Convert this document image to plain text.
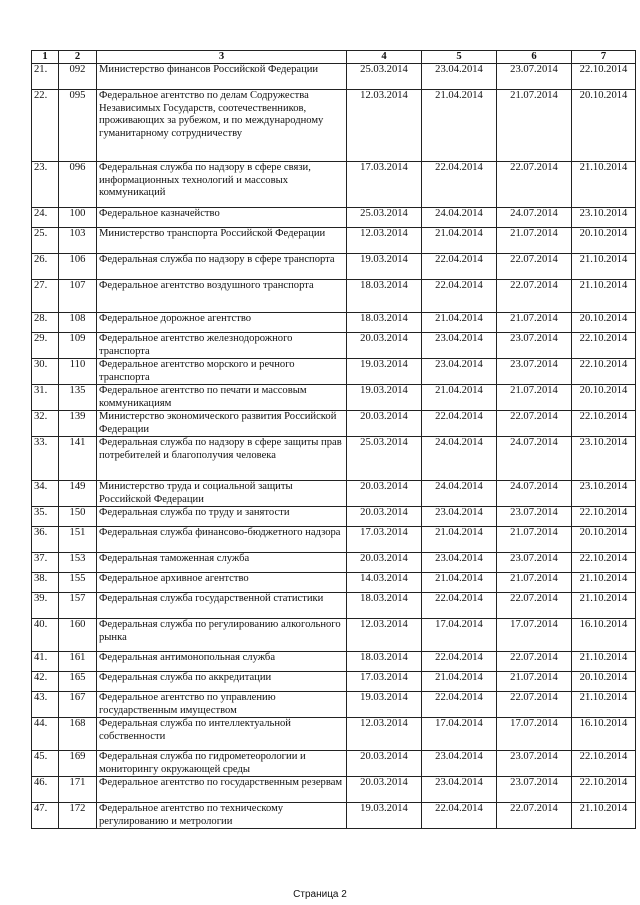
1	2	3	4	5	6	7
21.	092	Министерство финансов Российской Федерации	25.03.2014	23.04.2014	23.07.2014	22.10.2014
22.	095	Федеральное агентство по делам Содружества Независимых Государств, соотечественников, проживающих за рубежом, и по международному гуманитарному сотрудничеству	12.03.2014	21.04.2014	21.07.2014	20.10.2014
23.	096	Федеральная служба по надзору в сфере связи, информационных технологий и массовых коммуникаций	17.03.2014	22.04.2014	22.07.2014	21.10.2014
24.	100	Федеральное казначейство	25.03.2014	24.04.2014	24.07.2014	23.10.2014
25.	103	Министерство транспорта Российской Федерации	12.03.2014	21.04.2014	21.07.2014	20.10.2014
26.	106	Федеральная служба по надзору в сфере транспорта	19.03.2014	22.04.2014	22.07.2014	21.10.2014
27.	107	Федеральное агентство воздушного транспорта	18.03.2014	22.04.2014	22.07.2014	21.10.2014
28.	108	Федеральное дорожное агентство	18.03.2014	21.04.2014	21.07.2014	20.10.2014
29.	109	Федеральное агентство железнодорожного транспорта	20.03.2014	23.04.2014	23.07.2014	22.10.2014
30.	110	Федеральное агентство морского и речного транспорта	19.03.2014	23.04.2014	23.07.2014	22.10.2014
31.	135	Федеральное агентство по печати и массовым коммуникациям	19.03.2014	21.04.2014	21.07.2014	20.10.2014
32.	139	Министерство экономического развития Российской Федерации	20.03.2014	22.04.2014	22.07.2014	22.10.2014
33.	141	Федеральная служба по надзору в сфере защиты прав потребителей и благополучия человека	25.03.2014	24.04.2014	24.07.2014	23.10.2014
34.	149	Министерство труда и социальной защиты Российской Федерации	20.03.2014	24.04.2014	24.07.2014	23.10.2014
35.	150	Федеральная служба по труду и занятости	20.03.2014	23.04.2014	23.07.2014	22.10.2014
36.	151	Федеральная служба финансово-бюджетного надзора	17.03.2014	21.04.2014	21.07.2014	20.10.2014
37.	153	Федеральная таможенная служба	20.03.2014	23.04.2014	23.07.2014	22.10.2014
38.	155	Федеральное архивное агентство	14.03.2014	21.04.2014	21.07.2014	21.10.2014
39.	157	Федеральная служба государственной статистики	18.03.2014	22.04.2014	22.07.2014	21.10.2014
40.	160	Федеральная служба по регулированию алкогольного рынка	12.03.2014	17.04.2014	17.07.2014	16.10.2014
41.	161	Федеральная антимонопольная служба	18.03.2014	22.04.2014	22.07.2014	21.10.2014
42.	165	Федеральная служба по аккредитации	17.03.2014	21.04.2014	21.07.2014	20.10.2014
43.	167	Федеральное агентство по управлению государственным имуществом	19.03.2014	22.04.2014	22.07.2014	21.10.2014
44.	168	Федеральная служба по интеллектуальной собственности	12.03.2014	17.04.2014	17.07.2014	16.10.2014
45.	169	Федеральная служба по гидрометеорологии и мониторингу окружающей среды	20.03.2014	23.04.2014	23.07.2014	22.10.2014
46.	171	Федеральное агентство по государственным резервам	20.03.2014	23.04.2014	23.07.2014	22.10.2014
47.	172	Федеральное агентство по техническому регулированию и метрологии	19.03.2014	22.04.2014	22.07.2014	21.10.2014
Страница 2
